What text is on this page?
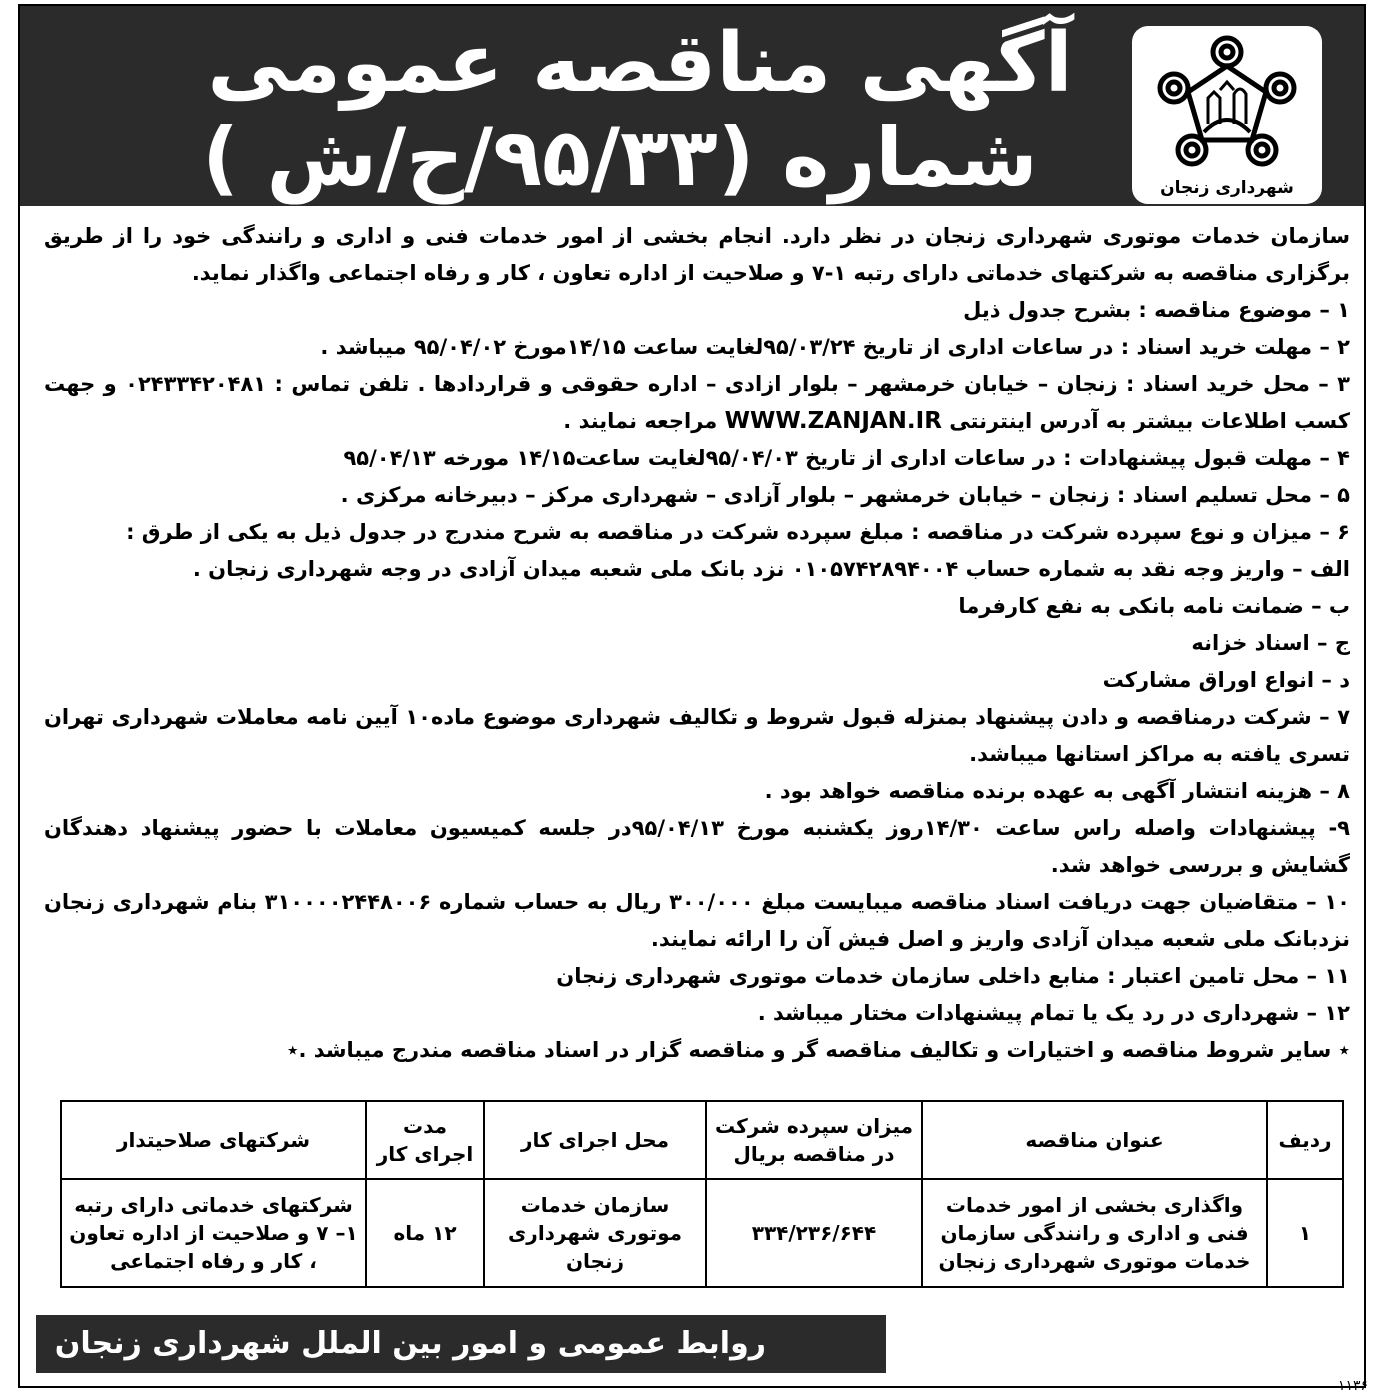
آگهی مناقصه عمومی
شماره (۹۵/۳۳/ح/ش )	شهرداری زنجان

سازمان خدمات موتوری شهرداری زنجان در نظر دارد. انجام بخشی از امور خدمات فنی و اداری و رانندگی خود را از طریق برگزاری مناقصه به شرکتهای خدماتی دارای رتبه ۱-۷ و صلاحیت از اداره تعاون ، کار و رفاه اجتماعی واگذار نماید.

۱ – موضوع مناقصه : بشرح جدول ذیل

۲ – مهلت خرید اسناد : در ساعات اداری از تاریخ ۹۵/۰۳/۲۴لغایت ساعت ۱۴/۱۵مورخ ۹۵/۰۴/۰۲ میباشد .

۳ – محل خرید اسناد : زنجان – خیابان خرمشهر – بلوار ازادی – اداره حقوقی و قراردادها . تلفن تماس : ۰۲۴۳۳۴۲۰۴۸۱ و جهت کسب اطلاعات بیشتر به آدرس اینترنتی WWW.ZANJAN.IR مراجعه نمایند .

۴ – مهلت قبول پیشنهادات : در ساعات اداری از تاریخ ۹۵/۰۴/۰۳لغایت ساعت۱۴/۱۵ مورخه ۹۵/۰۴/۱۳

۵ – محل تسلیم اسناد : زنجان – خیابان خرمشهر – بلوار آزادی – شهرداری مرکز – دبیرخانه مرکزی .

۶ – میزان و نوع سپرده شرکت در مناقصه : مبلغ سپرده شرکت در مناقصه به شرح مندرج در جدول ذیل به یکی از طرق :

الف – واریز وجه نقد به شماره حساب ۰۱۰۵۷۴۲۸۹۴۰۰۴ نزد بانک ملی شعبه میدان آزادی در وجه شهرداری زنجان .

ب – ضمانت نامه بانکی به نفع کارفرما

ج – اسناد خزانه

د – انواع اوراق مشارکت

۷ – شرکت درمناقصه و دادن پیشنهاد بمنزله قبول شروط و تکالیف شهرداری موضوع ماده۱۰ آیین نامه معاملات شهرداری تهران تسری یافته به مراکز استانها میباشد.

۸ – هزینه انتشار آگهی به عهده برنده مناقصه خواهد بود .

۹- پیشنهادات واصله راس ساعت ۱۴/۳۰روز یکشنبه مورخ ۹۵/۰۴/۱۳در جلسه کمیسیون معاملات با حضور پیشنهاد دهندگان گشایش و بررسی خواهد شد.

۱۰ – متقاضیان جهت دریافت اسناد مناقصه میبایست مبلغ ۳۰۰/۰۰۰ ریال به حساب شماره ۳۱۰۰۰۰۲۴۴۸۰۰۶ بنام شهرداری زنجان نزدبانک ملی شعبه میدان آزادی واریز و اصل فیش آن را ارائه نمایند.

۱۱ – محل تامین اعتبار : منابع داخلی سازمان خدمات موتوری شهرداری زنجان

۱۲ – شهرداری در رد یک یا تمام پیشنهادات مختار میباشد .

٭ سایر شروط مناقصه و اختیارات و تکالیف مناقصه گر و مناقصه گزار در اسناد مناقصه مندرج میباشد .٭

ردیف	عنوان مناقصه	میزان سپرده شرکت در مناقصه بریال	محل اجرای کار	مدت اجرای کار	شرکتهای صلاحیتدار
۱	واگذاری بخشی از امور خدمات فنی و اداری و رانندگی سازمان خدمات موتوری شهرداری زنجان	۳۳۴/۲۳۶/۶۴۴	سازمان خدمات موتوری شهرداری زنجان	۱۲ ماه	شرکتهای خدماتی دارای رتبه ۱– ۷ و صلاحیت از اداره تعاون ، کار و رفاه اجتماعی
روابط عمومی و امور بین الملل شهرداری زنجان
۱۱۳۶
